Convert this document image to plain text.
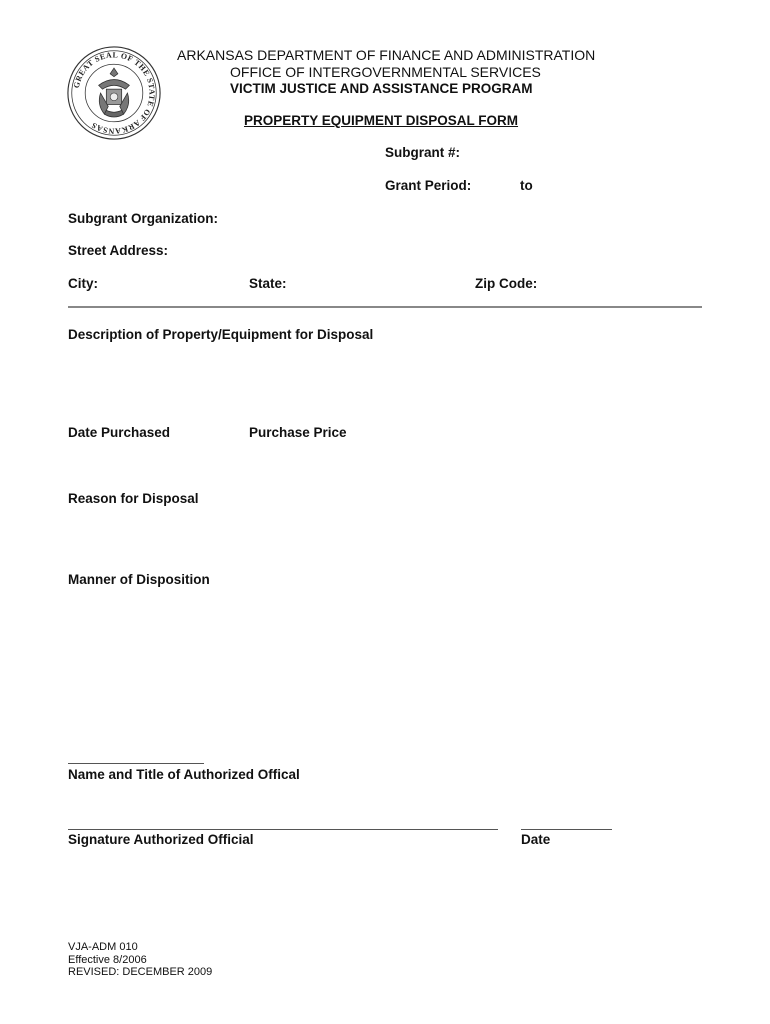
GREAT SEAL OF THE STATE OF ARKANSAS
ARKANSAS DEPARTMENT OF FINANCE AND ADMINISTRATION
OFFICE OF INTERGOVERNMENTAL SERVICES
VICTIM JUSTICE AND ASSISTANCE PROGRAM
PROPERTY EQUIPMENT DISPOSAL FORM
Subgrant #:
Grant Period:	to
Subgrant Organization:
Street Address:
City:	State:	Zip Code:
Description of Property/Equipment for Disposal
Date Purchased	Purchase Price
Reason for Disposal
Manner of Disposition
Name and Title of Authorized Offical
Signature Authorized Official	Date
VJA-ADM 010
Effective 8/2006
REVISED: DECEMBER 2009
